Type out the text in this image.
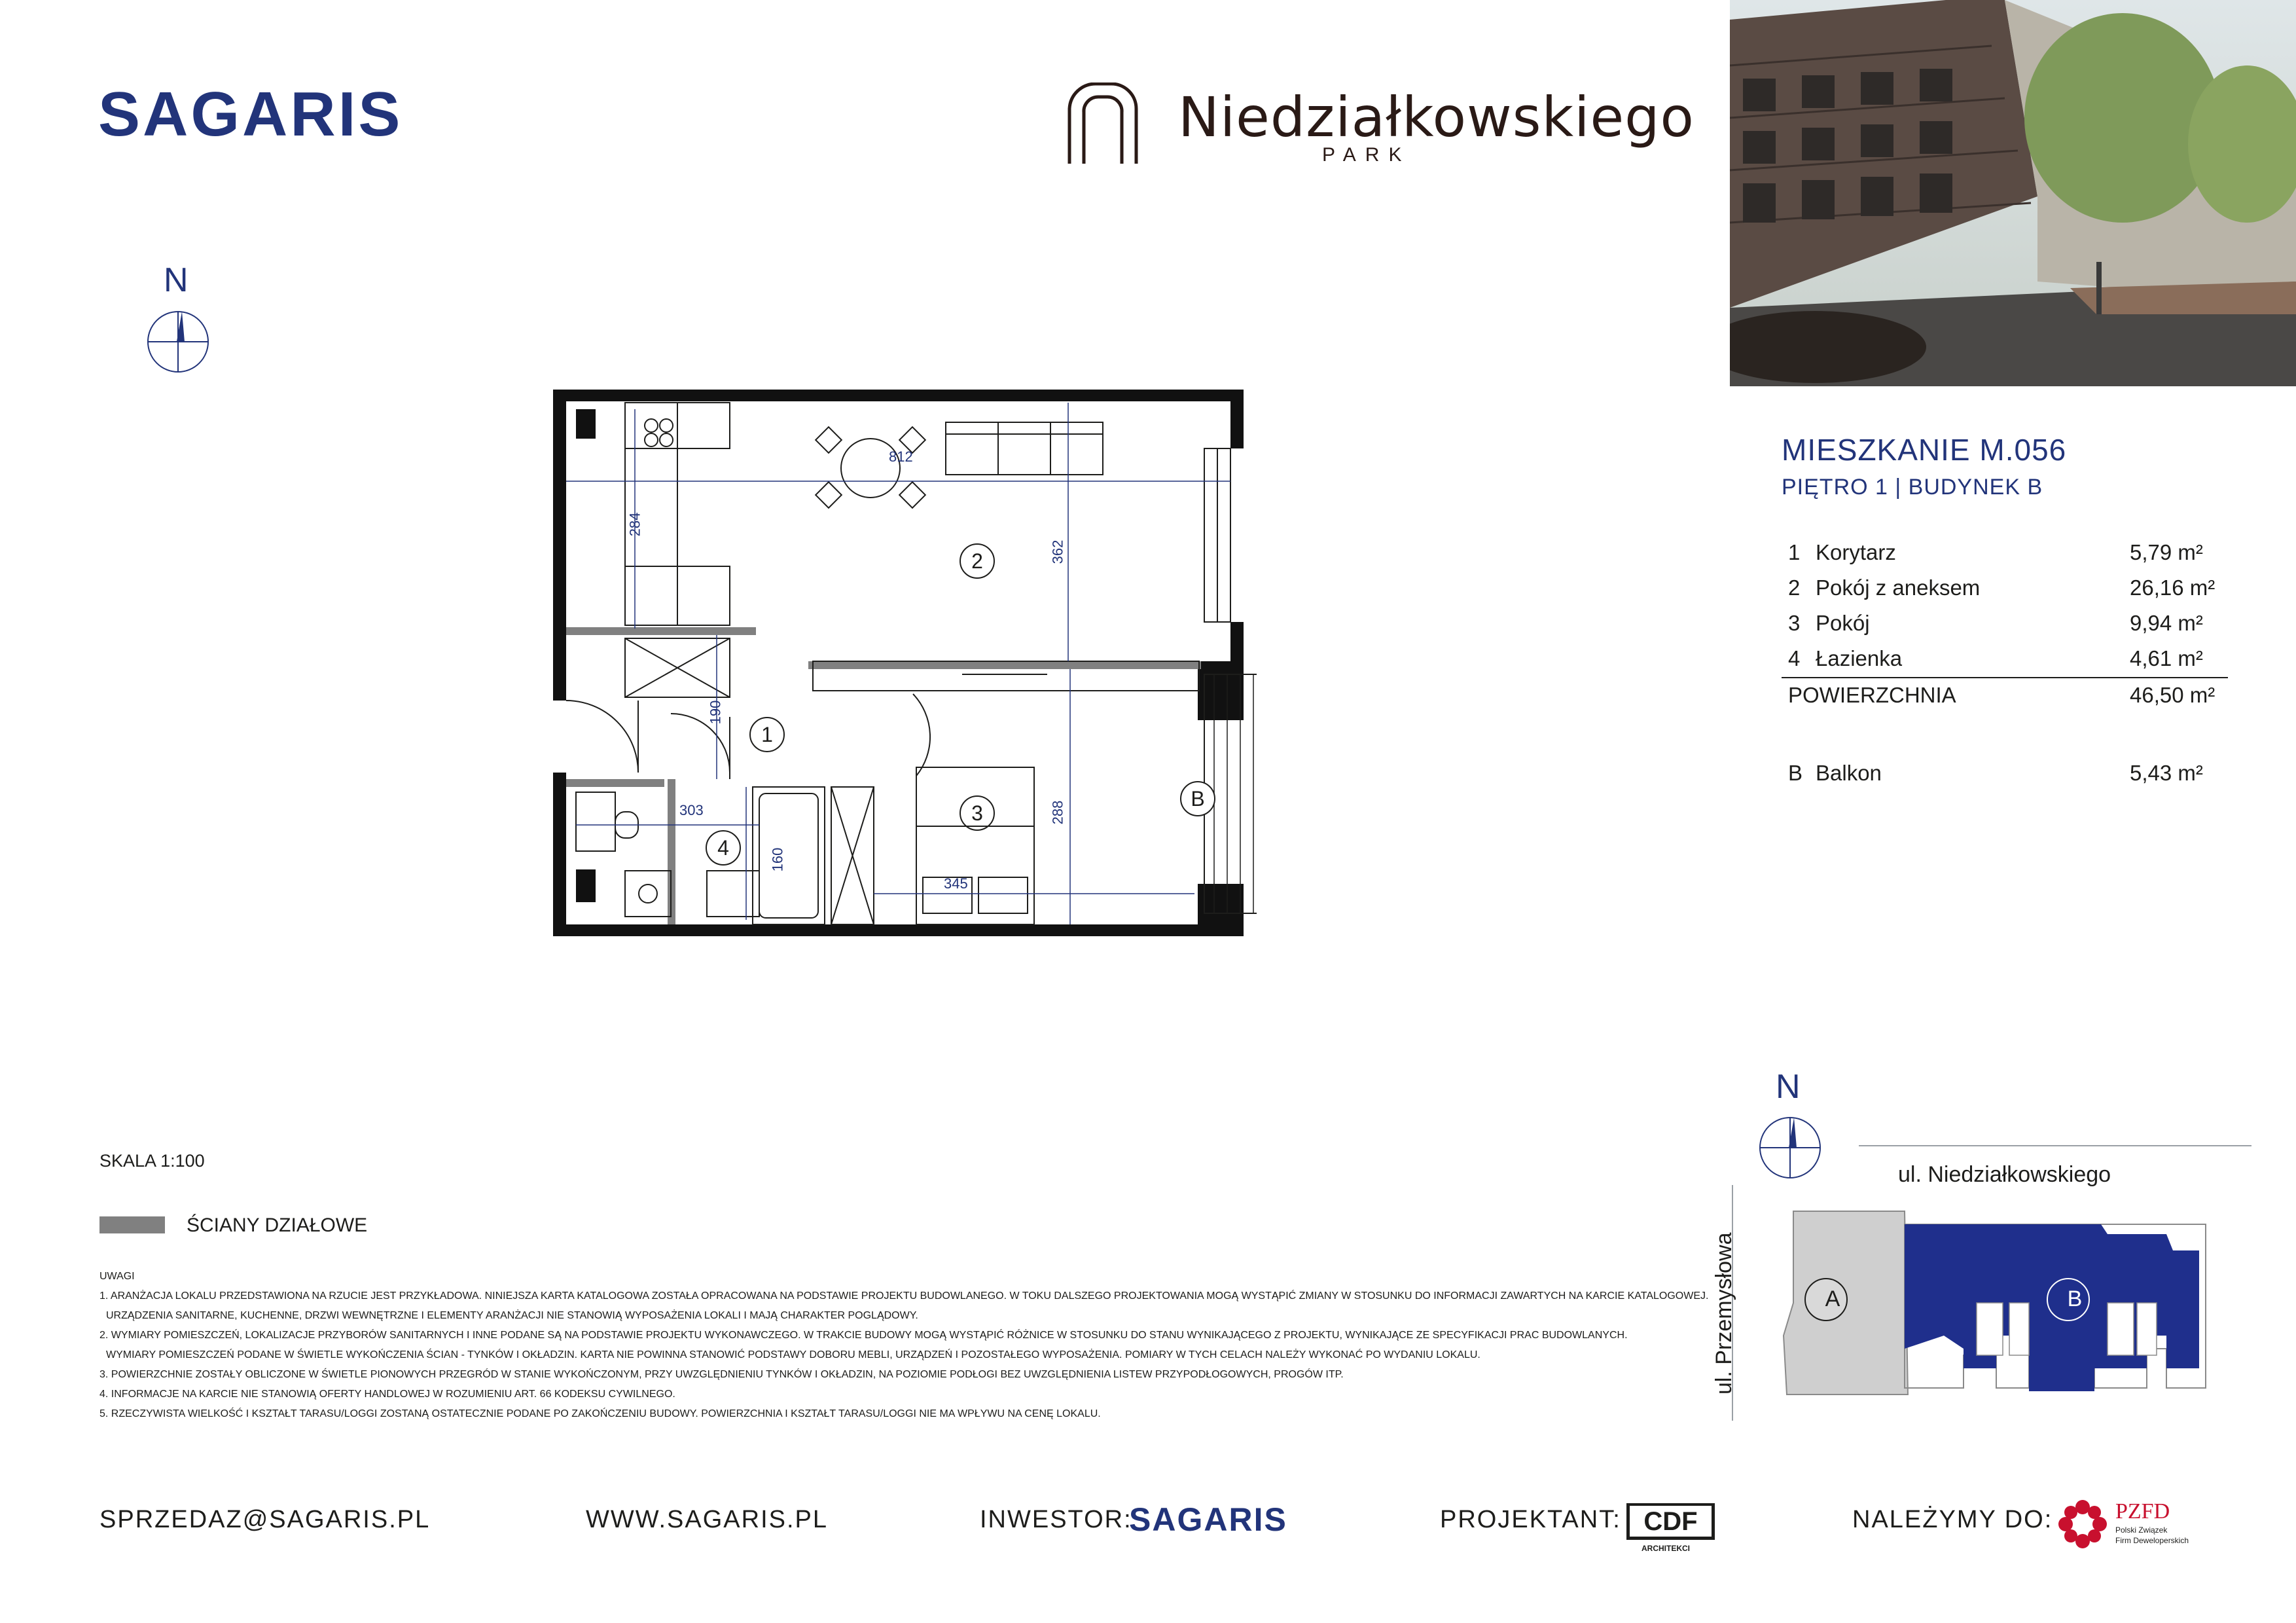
SAGARIS	Niedziałkowskiego
PARK
N
812
284
362
190
303
160
288
345
2
1
3
4
B
SKALA 1:100
ŚCIANY DZIAŁOWE
UWAGI
1. ARANŻACJA LOKALU PRZEDSTAWIONA NA RZUCIE JEST PRZYKŁADOWA. NINIEJSZA KARTA KATALOGOWA ZOSTAŁA OPRACOWANA NA PODSTAWIE PROJEKTU BUDOWLANEGO. W TOKU DALSZEGO PROJEKTOWANIA MOGĄ WYSTĄPIĆ ZMIANY W STOSUNKU DO INFORMACJI ZAWARTYCH NA KARCIE KATALOGOWEJ.
URZĄDZENIA SANITARNE, KUCHENNE, DRZWI WEWNĘTRZNE I ELEMENTY ARANŻACJI NIE STANOWIĄ WYPOSAŻENIA LOKALI I MAJĄ CHARAKTER POGLĄDOWY.
2. WYMIARY POMIESZCZEŃ, LOKALIZACJE PRZYBORÓW SANITARNYCH I INNE PODANE SĄ NA PODSTAWIE PROJEKTU WYKONAWCZEGO. W TRAKCIE BUDOWY MOGĄ WYSTĄPIĆ RÓŻNICE W STOSUNKU DO STANU WYNIKAJĄCEGO Z PROJEKTU, WYNIKAJĄCE ZE SPECYFIKACJI PRAC BUDOWLANYCH.
WYMIARY POMIESZCZEŃ PODANE W ŚWIETLE WYKOŃCZENIA ŚCIAN - TYNKÓW I OKŁADZIN. KARTA NIE POWINNA STANOWIĆ PODSTAWY DOBORU MEBLI, URZĄDZEŃ I POZOSTAŁEGO WYPOSAŻENIA. POMIARY W TYCH CELACH NALEŻY WYKONAĆ PO WYDANIU LOKALU.
3. POWIERZCHNIE ZOSTAŁY OBLICZONE W ŚWIETLE PIONOWYCH PRZEGRÓD W STANIE WYKOŃCZONYM, PRZY UWZGLĘDNIENIU TYNKÓW I OKŁADZIN, NA POZIOMIE PODŁOGI BEZ UWZGLĘDNIENIA LISTEW PRZYPODŁOGOWYCH, PROGÓW ITP.
4. INFORMACJE NA KARCIE NIE STANOWIĄ OFERTY HANDLOWEJ W ROZUMIENIU ART. 66 KODEKSU CYWILNEGO.
5. RZECZYWISTA WIELKOŚĆ I KSZTAŁT TARASU/LOGGI ZOSTANĄ OSTATECZNIE PODANE PO ZAKOŃCZENIU BUDOWY. POWIERZCHNIA I KSZTAŁT TARASU/LOGGI NIE MA WPŁYWU NA CENĘ LOKALU.
SPRZEDAZ@SAGARIS.PL	WWW.SAGARIS.PL	INWESTOR:
SAGARIS	PROJEKTANT: CDF
ARCHITEKCI
NALEŻYMY DO:	PZFD
Polski Związek
Firm Deweloperskich
MIESZKANIE M.056
PIĘTRO 1 | BUDYNEK B
1	Korytarz	5,79 m²
2	Pokój z aneksem	26,16 m²
3	Pokój	9,94 m²
4	Łazienka	4,61 m²
POWIERZCHNIA		46,50 m²
B Balkon	5,43 m²
N
ul. Niedziałkowskiego
ul. Przemysłowa	A	B
